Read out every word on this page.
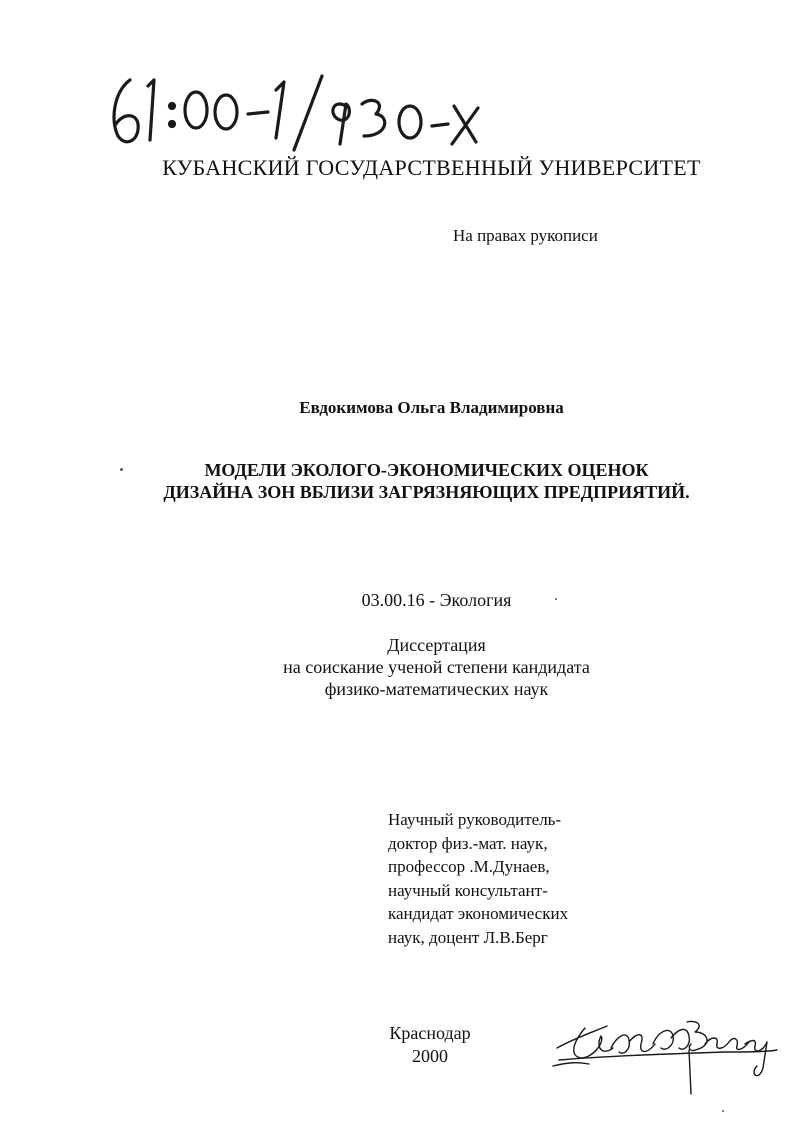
КУБАНСКИЙ ГОСУДАРСТВЕННЫЙ УНИВЕРСИТЕТ
На правах рукописи
Евдокимова Ольга Владимировна
МОДЕЛИ ЭКОЛОГО-ЭКОНОМИЧЕСКИХ ОЦЕНОК
ДИЗАЙНА ЗОН ВБЛИЗИ ЗАГРЯЗНЯЮЩИХ ПРЕДПРИЯТИЙ.
03.00.16 - Экология
Диссертация
на соискание ученой степени кандидата
физико-математических наук
Научный руководитель-
доктор физ.-мат. наук,
профессор .М.Дунаев,
научный консультант-
кандидат экономических
наук, доцент Л.В.Берг
Краснодар
2000
